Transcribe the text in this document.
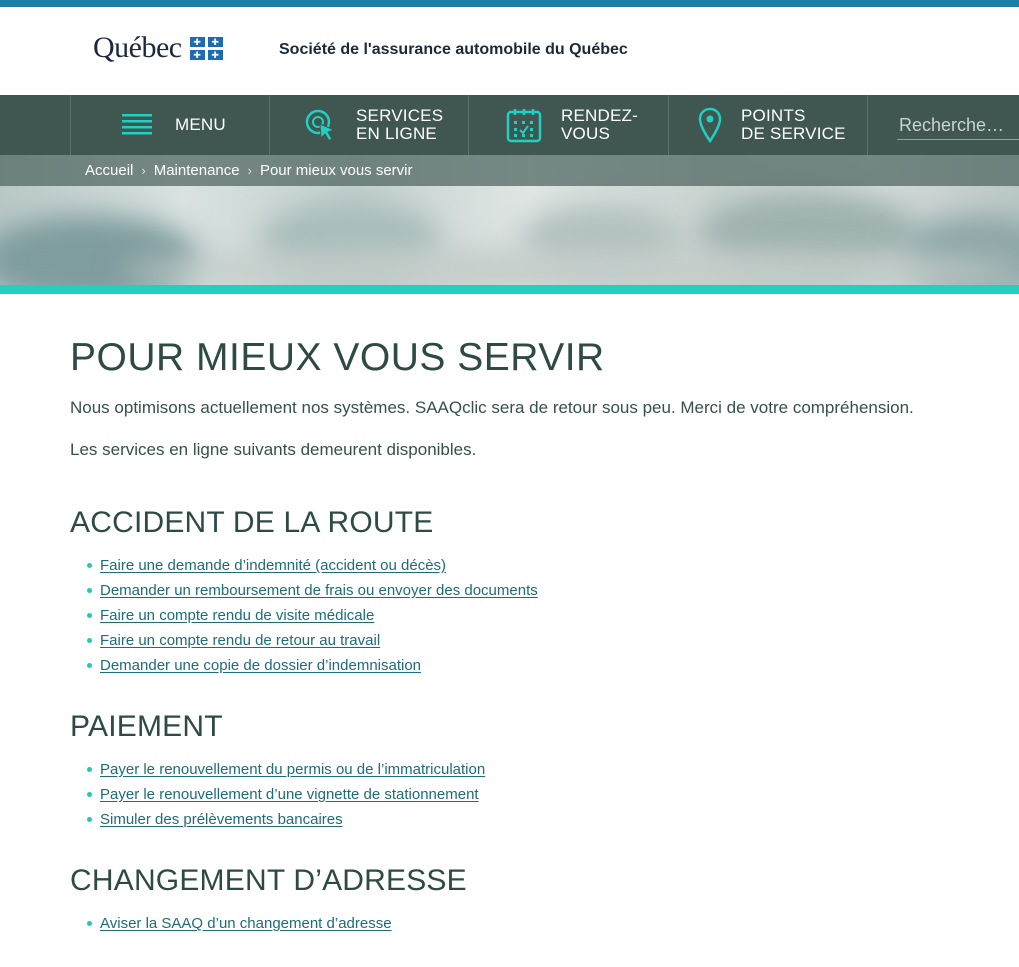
Québec	✚	✚
✚	✚	Société de l'assurance automobile du Québec
MENU	SERVICES
EN LIGNE
RENDEZ-
VOUS
POINTS
DE SERVICE
Recherche…
Accueil › Maintenance › Pour mieux vous servir
POUR MIEUX VOUS SERVIR

Nous optimisons actuellement nos systèmes. SAAQclic sera de retour sous peu. Merci de votre compréhension.

Les services en ligne suivants demeurent disponibles.

ACCIDENT DE LA ROUTE
Faire une demande d’indemnité (accident ou décès)
Demander un remboursement de frais ou envoyer des documents
Faire un compte rendu de visite médicale
Faire un compte rendu de retour au travail
Demander une copie de dossier d’indemnisation
PAIEMENT
Payer le renouvellement du permis ou de l’immatriculation
Payer le renouvellement d’une vignette de stationnement
Simuler des prélèvements bancaires
CHANGEMENT D’ADRESSE
Aviser la SAAQ d’un changement d’adresse
